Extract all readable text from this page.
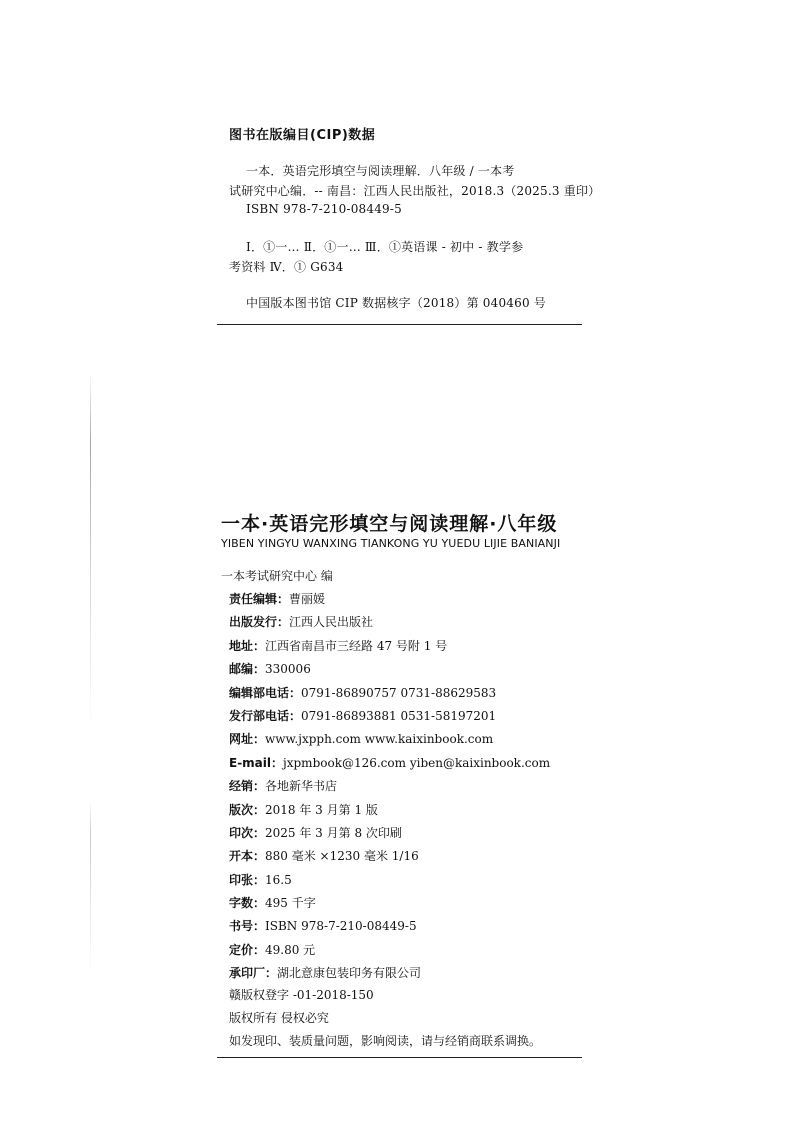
图书在版编目(CIP)数据
一本．英语完形填空与阅读理解．八年级 / 一本考
试研究中心编．-- 南昌：江西人民出版社，2018.3（2025.3 重印）
ISBN 978-7-210-08449-5
Ⅰ．①一… Ⅱ．①一… Ⅲ．①英语课 - 初中 - 教学参
考资料 Ⅳ．① G634
中国版本图书馆 CIP 数据核字（2018）第 040460 号
一本·英语完形填空与阅读理解·八年级
YIBEN YINGYU WANXING TIANKONG YU YUEDU LIJIE BANIANJI
一本考试研究中心 编
责任编辑：曹丽媛
出版发行：江西人民出版社
地址：江西省南昌市三经路 47 号附 1 号
邮编：330006
编辑部电话：0791-86890757 0731-88629583
发行部电话：0791-86893881 0531-58197201
网址：www.jxpph.com www.kaixinbook.com
E-mail：jxpmbook@126.com yiben@kaixinbook.com
经销：各地新华书店
版次：2018 年 3 月第 1 版
印次：2025 年 3 月第 8 次印刷
开本：880 毫米 ×1230 毫米 1/16
印张：16.5
字数：495 千字
书号：ISBN 978-7-210-08449-5
定价：49.80 元
承印厂：湖北意康包装印务有限公司
赣版权登字 -01-2018-150
版权所有 侵权必究
如发现印、装质量问题，影响阅读，请与经销商联系调换。
